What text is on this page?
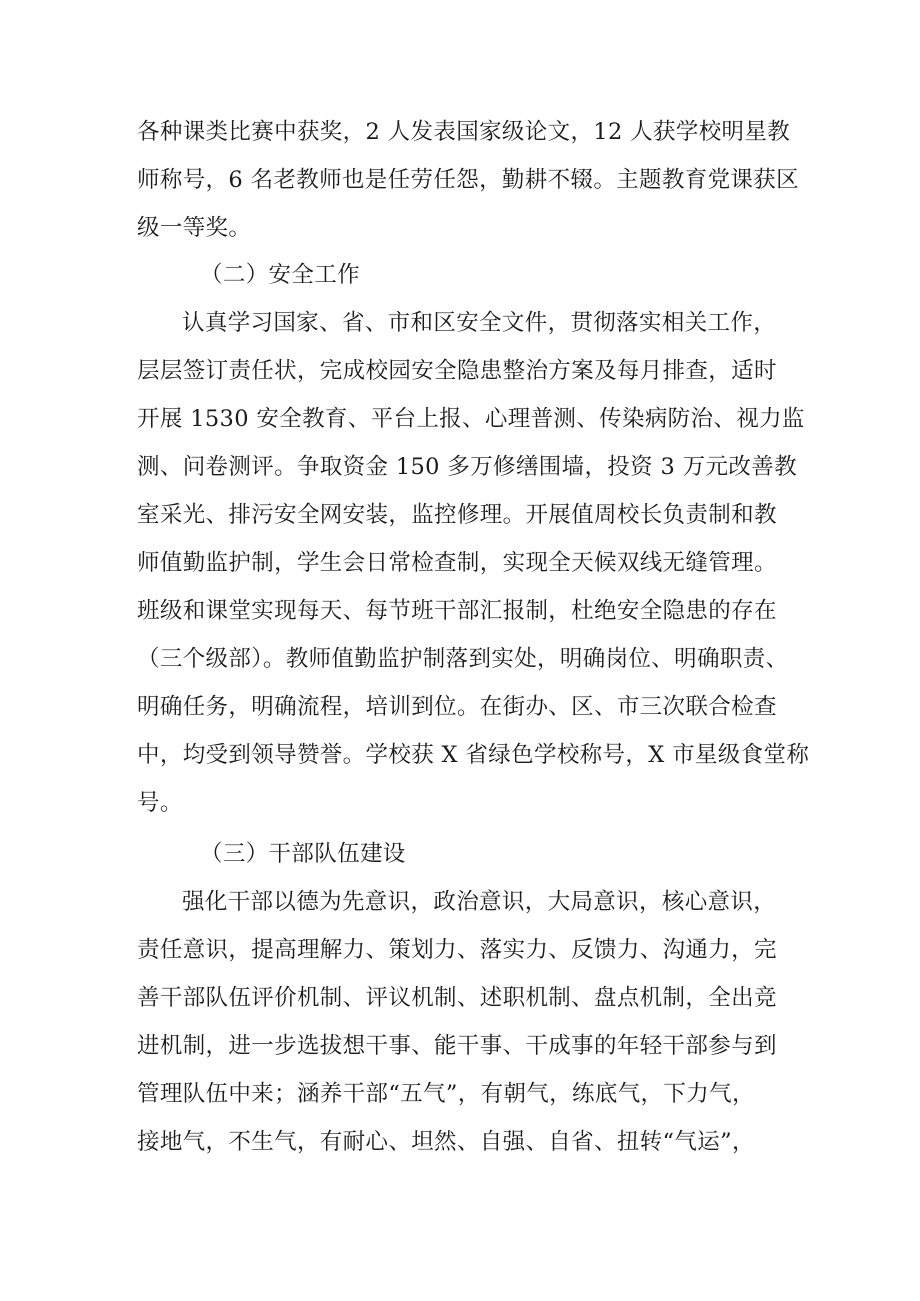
各种课类比赛中获奖，2 人发表国家级论文，12 人获学校明星教
师称号，6 名老教师也是任劳任怨，勤耕不辍。主题教育党课获区
级一等奖。
（二）安全工作
认真学习国家、省、市和区安全文件，贯彻落实相关工作，
层层签订责任状，完成校园安全隐患整治方案及每月排查，适时
开展 1530 安全教育、平台上报、心理普测、传染病防治、视力监
测、问卷测评。争取资金 150 多万修缮围墙，投资 3 万元改善教
室采光、排污安全网安装，监控修理。开展值周校长负责制和教
师值勤监护制，学生会日常检查制，实现全天候双线无缝管理。
班级和课堂实现每天、每节班干部汇报制，杜绝安全隐患的存在
（三个级部）。教师值勤监护制落到实处，明确岗位、明确职责、
明确任务，明确流程，培训到位。在街办、区、市三次联合检查
中，均受到领导赞誉。学校获 X 省绿色学校称号，X 市星级食堂称
号。
（三）干部队伍建设
强化干部以德为先意识，政治意识，大局意识，核心意识，
责任意识，提高理解力、策划力、落实力、反馈力、沟通力，完
善干部队伍评价机制、评议机制、述职机制、盘点机制，全出竞
进机制，进一步选拔想干事、能干事、干成事的年轻干部参与到
管理队伍中来；涵养干部“五气”，有朝气，练底气，下力气，
接地气，不生气，有耐心、坦然、自强、自省、扭转“气运”，
